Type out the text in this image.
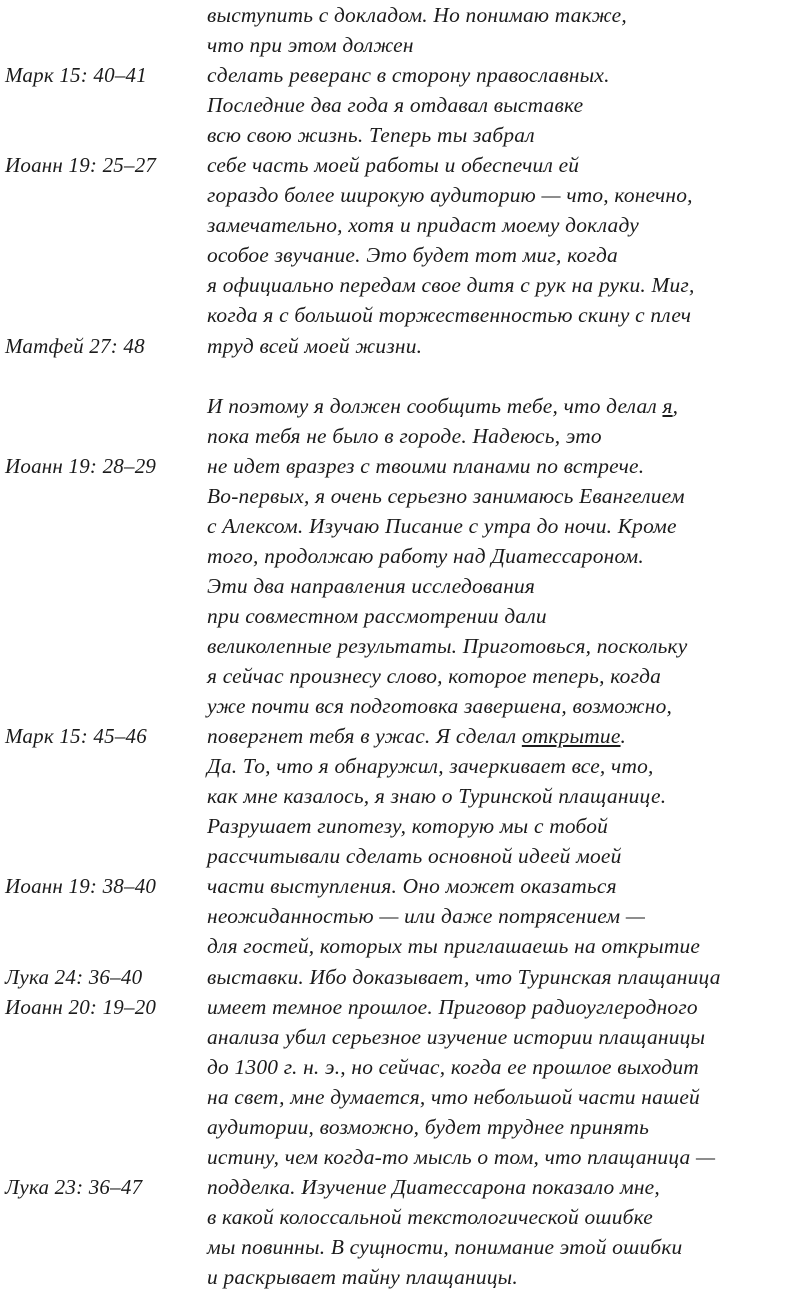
Марк 15: 40–41

Иоанн 19: 25–27

Матфей 27: 48

Иоанн 19: 28–29

Марк 15: 45–46

Иоанн 19: 38–40

Лука 24: 36–40
Иоанн 20: 19–20

Лука 23: 36–47

выступить с докладом. Но понимаю также,
что при этом должен
сделать реверанс в сторону православных.
Последние два года я отдавал выставке
всю свою жизнь. Теперь ты забрал
себе часть моей работы и обеспечил ей
гораздо более широкую аудиторию — что, конечно,
замечательно, хотя и придаст моему докладу
особое звучание. Это будет тот миг, когда
я официально передам свое дитя с рук на руки. Миг,
когда я с большой торжественностью скину с плеч
труд всей моей жизни.

И поэтому я должен сообщить тебе, что делал я,
пока тебя не было в городе. Надеюсь, это
не идет вразрез с твоими планами по встрече.
Во-первых, я очень серьезно занимаюсь Евангелием
с Алексом. Изучаю Писание с утра до ночи. Кроме
того, продолжаю работу над Диатессароном.
Эти два направления исследования
при совместном рассмотрении дали
великолепные результаты. Приготовься, поскольку
я сейчас произнесу слово, которое теперь, когда
уже почти вся подготовка завершена, возможно,
повергнет тебя в ужас. Я сделал открытие.
Да. То, что я обнаружил, зачеркивает все, что,
как мне казалось, я знаю о Туринской плащанице.
Разрушает гипотезу, которую мы с тобой
рассчитывали сделать основной идеей моей
части выступления. Оно может оказаться
неожиданностью — или даже потрясением —
для гостей, которых ты приглашаешь на открытие
выставки. Ибо доказывает, что Туринская плащаница
имеет темное прошлое. Приговор радиоуглеродного
анализа убил серьезное изучение истории плащаницы
до 1300 г. н. э., но сейчас, когда ее прошлое выходит
на свет, мне думается, что небольшой части нашей
аудитории, возможно, будет труднее принять
истину, чем когда-то мысль о том, что плащаница —
подделка. Изучение Диатессарона показало мне,
в какой колоссальной текстологической ошибке
мы повинны. В сущности, понимание этой ошибки
и раскрывает тайну плащаницы.
